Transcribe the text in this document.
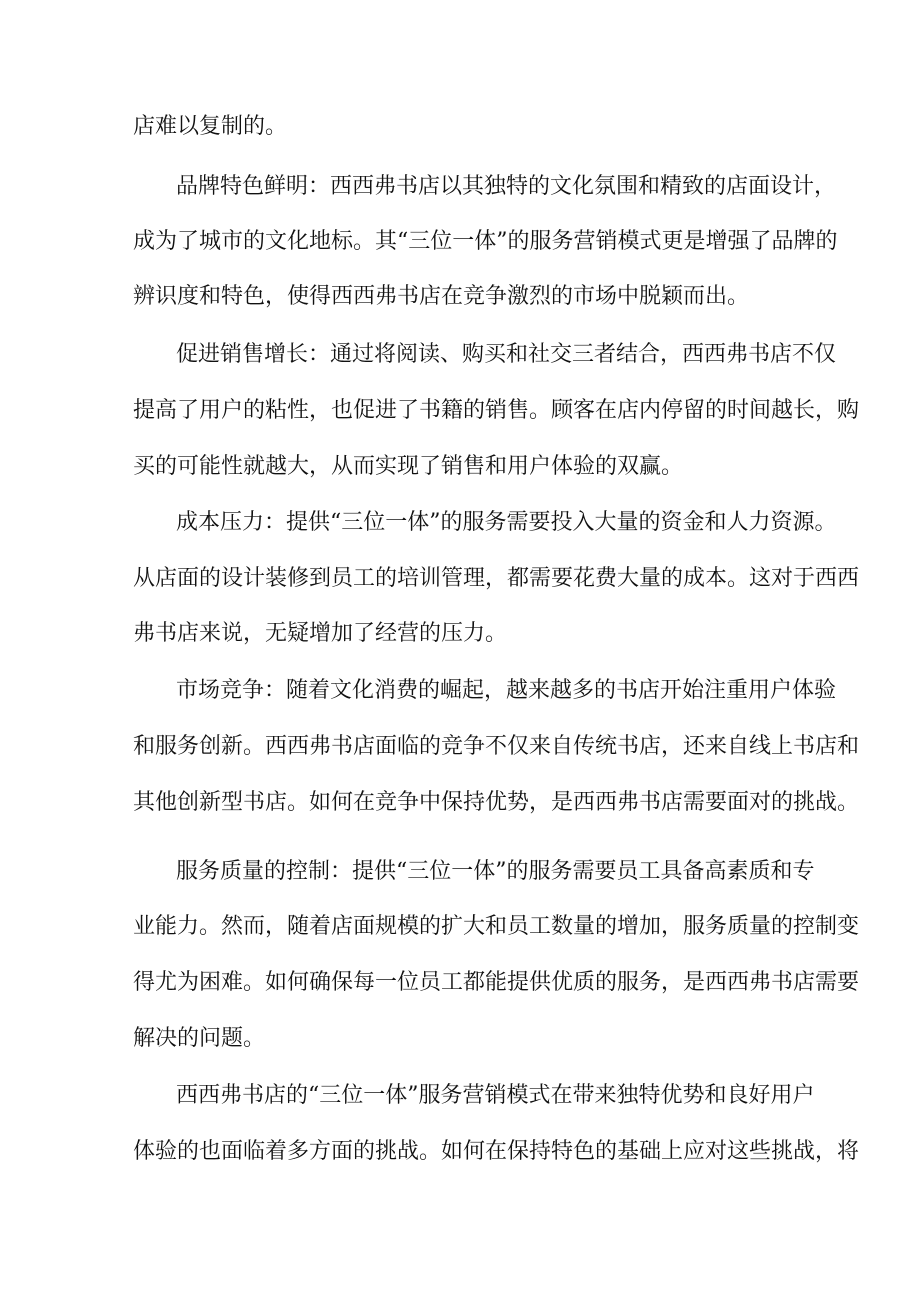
店难以复制的。
品牌特色鲜明：西西弗书店以其独特的文化氛围和精致的店面设计，
成为了城市的文化地标。其“三位一体”的服务营销模式更是增强了品牌的
辨识度和特色，使得西西弗书店在竞争激烈的市场中脱颖而出。
促进销售增长：通过将阅读、购买和社交三者结合，西西弗书店不仅
提高了用户的粘性，也促进了书籍的销售。顾客在店内停留的时间越长，购
买的可能性就越大，从而实现了销售和用户体验的双赢。
成本压力：提供“三位一体”的服务需要投入大量的资金和人力资源。
从店面的设计装修到员工的培训管理，都需要花费大量的成本。这对于西西
弗书店来说，无疑增加了经营的压力。
市场竞争：随着文化消费的崛起，越来越多的书店开始注重用户体验
和服务创新。西西弗书店面临的竞争不仅来自传统书店，还来自线上书店和
其他创新型书店。如何在竞争中保持优势，是西西弗书店需要面对的挑战。
服务质量的控制：提供“三位一体”的服务需要员工具备高素质和专
业能力。然而，随着店面规模的扩大和员工数量的增加，服务质量的控制变
得尤为困难。如何确保每一位员工都能提供优质的服务，是西西弗书店需要
解决的问题。
西西弗书店的“三位一体”服务营销模式在带来独特优势和良好用户
体验的也面临着多方面的挑战。如何在保持特色的基础上应对这些挑战，将
